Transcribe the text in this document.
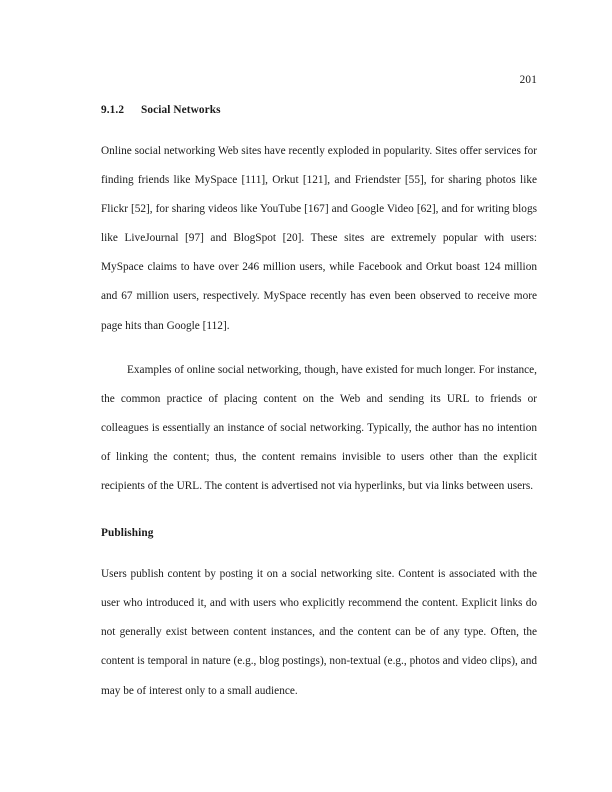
201
9.1.2 Social Networks

Online social networking Web sites have recently exploded in popularity. Sites offer services for finding friends like MySpace [111], Orkut [121], and Friendster [55], for sharing photos like Flickr [52], for sharing videos like YouTube [167] and Google Video [62], and for writing blogs like LiveJournal [97] and BlogSpot [20]. These sites are extremely popular with users: MySpace claims to have over 246 million users, while Facebook and Orkut boast 124 million and 67 million users, respectively. MySpace recently has even been observed to receive more page hits than Google [112].

Examples of online social networking, though, have existed for much longer. For instance, the common practice of placing content on the Web and sending its URL to friends or colleagues is essentially an instance of social networking. Typically, the author has no intention of linking the content; thus, the content remains invisible to users other than the explicit recipients of the URL. The content is advertised not via hyperlinks, but via links between users.

Publishing

Users publish content by posting it on a social networking site. Content is associated with the user who introduced it, and with users who explicitly recommend the content. Explicit links do not generally exist between content instances, and the content can be of any type. Often, the content is temporal in nature (e.g., blog postings), non-textual (e.g., photos and video clips), and may be of interest only to a small audience.
